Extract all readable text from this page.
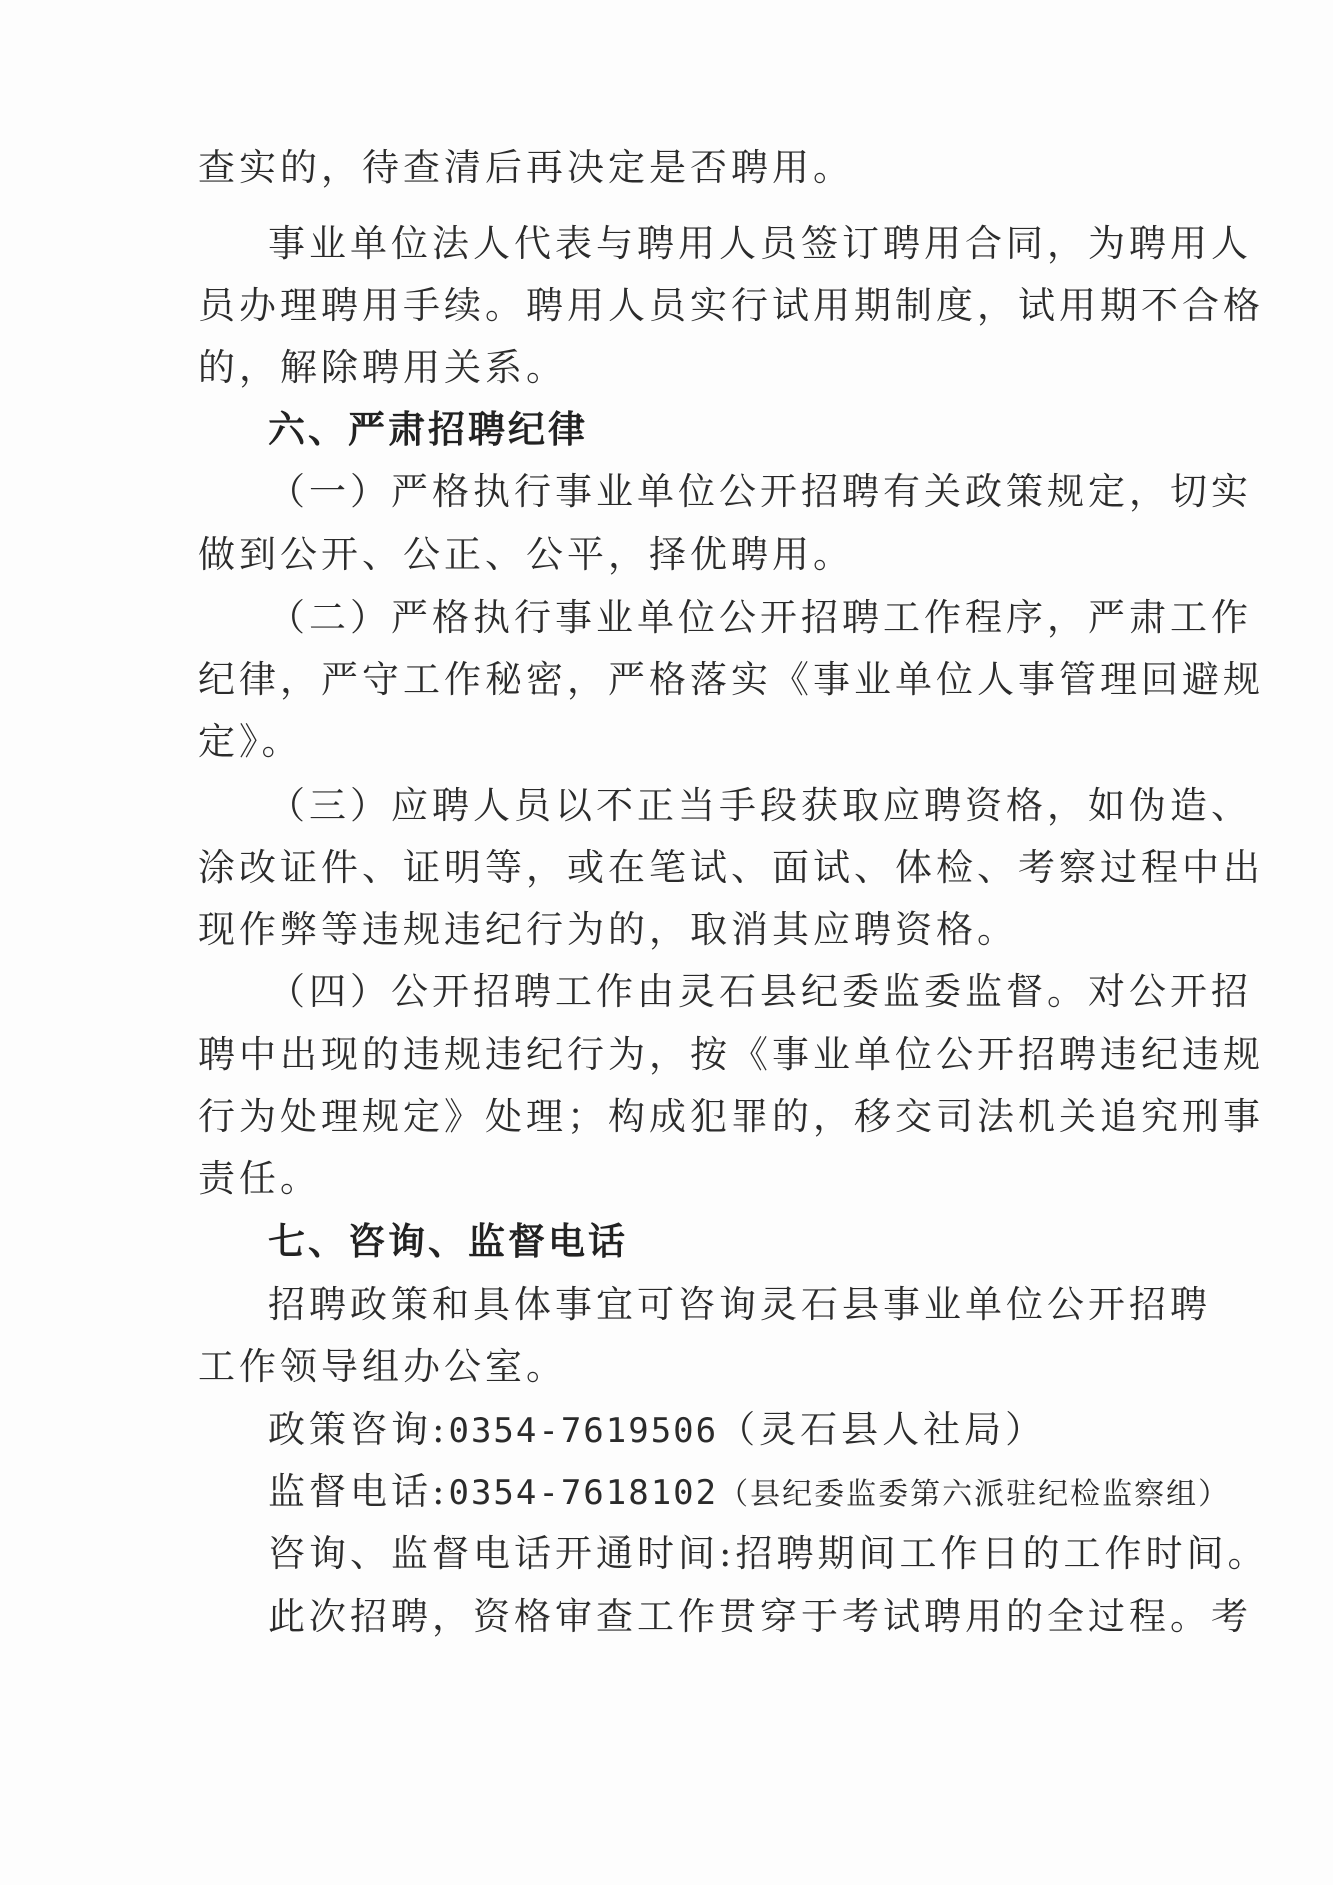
查实的，待查清后再决定是否聘用。
事业单位法人代表与聘用人员签订聘用合同，为聘用人
员办理聘用手续。聘用人员实行试用期制度，试用期不合格
的，解除聘用关系。
六、严肃招聘纪律
（一）严格执行事业单位公开招聘有关政策规定，切实
做到公开、公正、公平，择优聘用。
（二）严格执行事业单位公开招聘工作程序，严肃工作
纪律，严守工作秘密，严格落实《事业单位人事管理回避规
定》。
（三）应聘人员以不正当手段获取应聘资格，如伪造、
涂改证件、证明等，或在笔试、面试、体检、考察过程中出
现作弊等违规违纪行为的，取消其应聘资格。
（四）公开招聘工作由灵石县纪委监委监督。对公开招
聘中出现的违规违纪行为，按《事业单位公开招聘违纪违规
行为处理规定》处理；构成犯罪的，移交司法机关追究刑事
责任。
七、咨询、监督电话
招聘政策和具体事宜可咨询灵石县事业单位公开招聘
工作领导组办公室。
政策咨询:0354-7619506（灵石县人社局）
监督电话:0354-7618102（县纪委监委第六派驻纪检监察组）
咨询、监督电话开通时间:招聘期间工作日的工作时间。
此次招聘，资格审查工作贯穿于考试聘用的全过程。考
